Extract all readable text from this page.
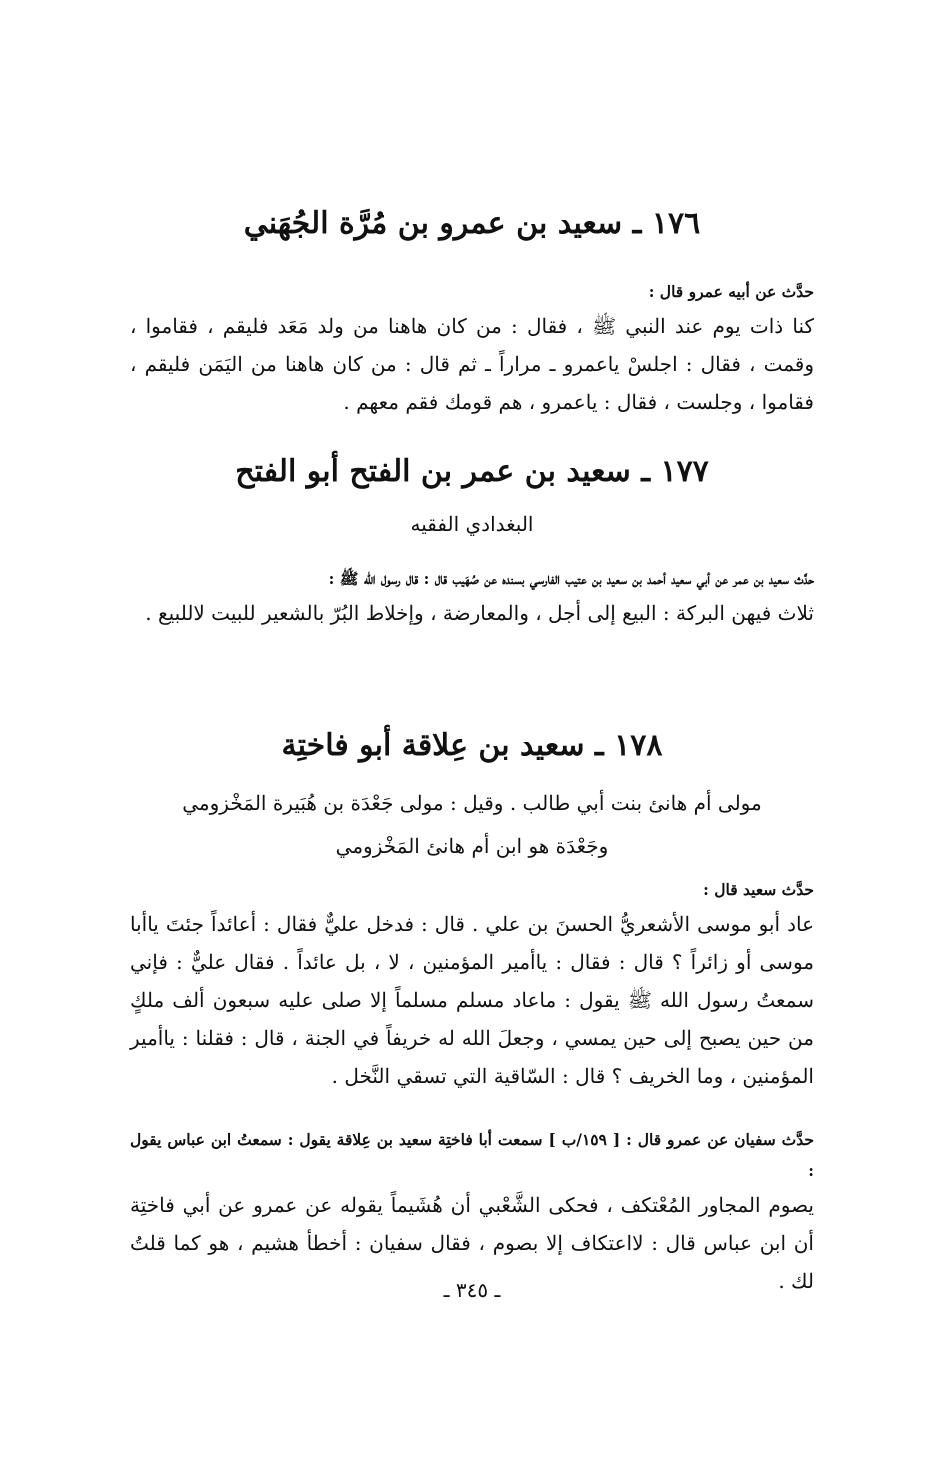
١٧٦ ـ سعيد بن عمرو بن مُرَّة الجُهَني
حدَّث عن أبيه عمرو قال :
كنا ذات يوم عند النبي ﷺ ، فقال : من كان هاهنا من ولد مَعَد فليقم ، فقاموا ، وقمت ، فقال : اجلسْ ياعمرو ـ مراراً ـ ثم قال : من كان هاهنا من اليَمَن فليقم ، فقاموا ، وجلست ، فقال : ياعمرو ، هم قومك فقم معهم .
١٧٧ ـ سعيد بن عمر بن الفتح أبو الفتح
البغدادي الفقيه
حدَّث سعيد بن عمر عن أبي سعيد أحمد بن سعيد بن عتيب الفارسي بسنده عن صُهَيب قال : قال رسول الله ﷺ :
ثلاث فيهن البركة : البيع إلى أجل ، والمعارضة ، وإخلاط البُرّ بالشعير للبيت لاللبيع .
١٧٨ ـ سعيد بن عِلاقة أبو فاختِة
مولى أم هانئ بنت أبي طالب . وقيل : مولى جَعْدَة بن هُبَيرة المَخْزومي
وجَعْدَة هو ابن أم هانئ المَخْزومي
حدَّث سعيد قال :
عاد أبو موسى الأشعريُّ الحسنَ بن علي . قال : فدخل عليٌّ فقال : أعائداً جئتَ ياأبا موسى أو زائراً ؟ قال : فقال : ياأمير المؤمنين ، لا ، بل عائداً . فقال عليٌّ : فإني سمعتُ رسول الله ﷺ يقول : ماعاد مسلم مسلماً إلا صلى عليه سبعون ألف ملكٍ من حين يصبح إلى حين يمسي ، وجعلَ الله له خريفاً في الجنة ، قال : فقلنا : ياأمير المؤمنين ، وما الخريف ؟ قال : السّاقية التي تسقي النَّخل .
حدَّث سفيان عن عمرو قال : [ ١٥٩/ب ] سمعت أبا فاختِة سعيد بن عِلاقة يقول : سمعتُ ابن عباس يقول :
يصوم المجاور المُعْتكف ، فحكى الشَّعْبي أن هُشَيماً يقوله عن عمرو عن أبي فاختِة أن ابن عباس قال : لااعتكاف إلا بصوم ، فقال سفيان : أخطأ هشيم ، هو كما قلتُ لك .
ـ ٣٤٥ ـ
